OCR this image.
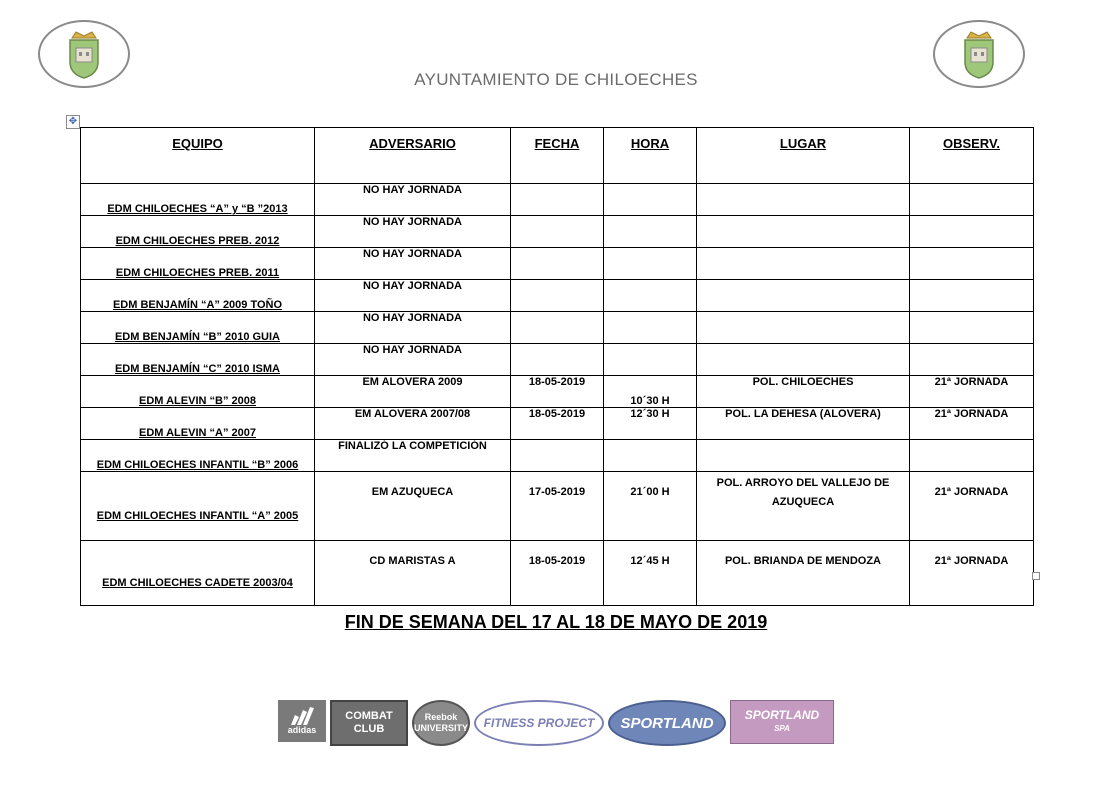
AYUNTAMIENTO DE CHILOECHES
✥
EQUIPO	ADVERSARIO	FECHA	HORA	LUGAR	OBSERV.
EDM CHILOECHES “A” y “B ”2013	NO HAY JORNADA				
EDM CHILOECHES PREB. 2012	NO HAY JORNADA				
EDM CHILOECHES PREB. 2011	NO HAY JORNADA				
EDM BENJAMÍN “A” 2009 TOÑO	NO HAY JORNADA				
EDM BENJAMÍN “B” 2010 GUIA	NO HAY JORNADA				
EDM BENJAMÍN “C” 2010 ISMA	NO HAY JORNADA				
EDM ALEVIN “B” 2008	EM ALOVERA 2009	18-05-2019	10´30 H	POL. CHILOECHES	21ª JORNADA
EDM ALEVIN “A” 2007	EM ALOVERA 2007/08	18-05-2019	12´30 H	POL. LA DEHESA (ALOVERA)	21ª JORNADA
EDM CHILOECHES INFANTIL “B” 2006	FINALIZÓ LA COMPETICIÓN				
EDM CHILOECHES INFANTIL “A” 2005	EM AZUQUECA	17-05-2019	21´00 H	POL. ARROYO DEL VALLEJO DE AZUQUECA	21ª JORNADA
EDM CHILOECHES CADETE 2003/04	CD MARISTAS A	18-05-2019	12´45 H	POL. BRIANDA DE MENDOZA	21ª JORNADA
FIN DE SEMANA DEL 17 AL 18 DE MAYO DE 2019
adidas
COMBAT
CLUB
Reebok
UNIVERSITY	FITNESS PROJECT	SPORTLAND	SPORTLAND
SPA
